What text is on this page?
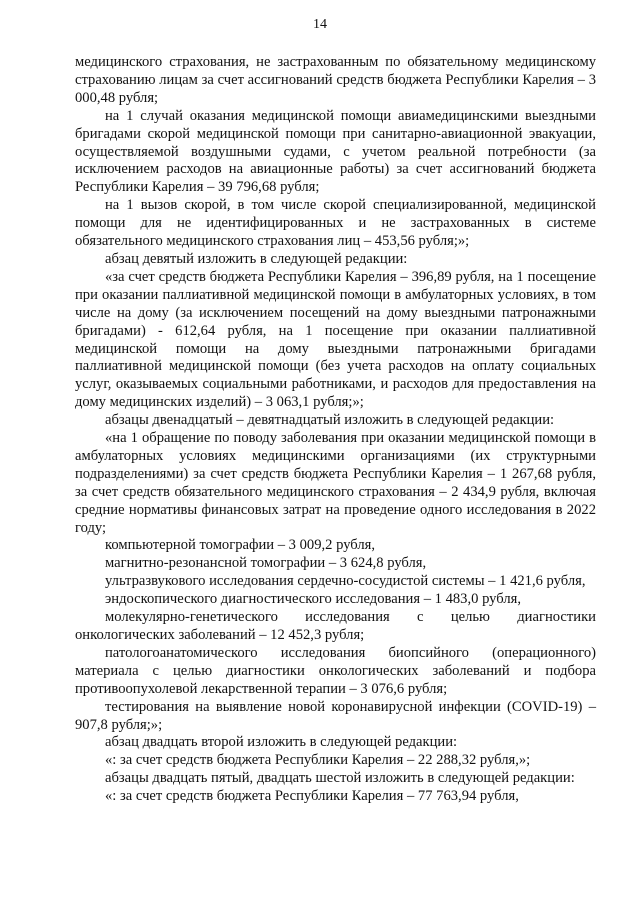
14

медицинского страхования, не застрахованным по обязательному медицинскому страхованию лицам за счет ассигнований средств бюджета Республики Карелия – 3 000,48 рубля;

на 1 случай оказания медицинской помощи авиамедицинскими выездными бригадами скорой медицинской помощи при санитарно-авиационной эвакуации, осуществляемой воздушными судами, с учетом реальной потребности (за исключением расходов на авиационные работы) за счет ассигнований бюджета Республики Карелия – 39 796,68 рубля;

на 1 вызов скорой, в том числе скорой специализированной, медицинской помощи для не идентифицированных и не застрахованных в системе обязательного медицинского страхования лиц – 453,56 рубля;»;

абзац девятый изложить в следующей редакции:

«за счет средств бюджета Республики Карелия – 396,89 рубля, на 1 посещение при оказании паллиативной медицинской помощи в амбулаторных условиях, в том числе на дому (за исключением посещений на дому выездными патронажными бригадами) - 612,64 рубля, на 1 посещение при оказании паллиативной медицинской помощи на дому выездными патронажными бригадами паллиативной медицинской помощи (без учета расходов на оплату социальных услуг, оказываемых социальными работниками, и расходов для предоставления на дому медицинских изделий) – 3 063,1 рубля;»;

абзацы двенадцатый – девятнадцатый изложить в следующей редакции:

«на 1 обращение по поводу заболевания при оказании медицинской помощи в амбулаторных условиях медицинскими организациями (их структурными подразделениями) за счет средств бюджета Республики Карелия – 1 267,68 рубля, за счет средств обязательного медицинского страхования – 2 434,9 рубля, включая средние нормативы финансовых затрат на проведение одного исследования в 2022 году;

компьютерной томографии – 3 009,2 рубля,

магнитно-резонансной томографии – 3 624,8 рубля,

ультразвукового исследования сердечно-сосудистой системы – 1 421,6 рубля,

эндоскопического диагностического исследования – 1 483,0 рубля,

молекулярно-генетического исследования с целью диагностики онкологических заболеваний – 12 452,3 рубля;

патологоанатомического исследования биопсийного (операционного) материала с целью диагностики онкологических заболеваний и подбора противоопухолевой лекарственной терапии – 3 076,6 рубля;

тестирования на выявление новой коронавирусной инфекции (COVID-19) – 907,8 рубля;»;

абзац двадцать второй изложить в следующей редакции:

«: за счет средств бюджета Республики Карелия – 22 288,32 рубля,»;

абзацы двадцать пятый, двадцать шестой изложить в следующей редакции:

«: за счет средств бюджета Республики Карелия – 77 763,94 рубля,
